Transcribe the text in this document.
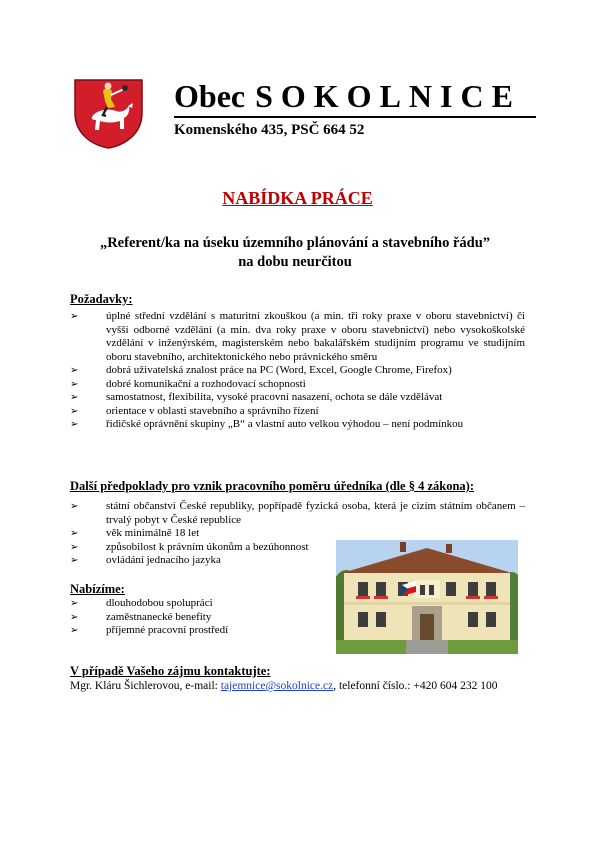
Obec SOKOLNICE
Komenského 435, PSČ 664 52
NABÍDKA PRÁCE
„Referent/ka na úseku územního plánování a stavebního řádu”
na dobu neurčitou
Požadavky:
➢	úplné střední vzdělání s maturitní zkouškou (a min. tři roky praxe v oboru stavebnictví) či vyšší odborné vzdělání (a min. dva roky praxe v oboru stavebnictví) nebo vysokoškolské vzdělání v inženýrském, magisterském nebo bakalářském studijním programu ve studijním oboru stavebního, architektonického nebo právnického směru
➢	dobrá uživatelská znalost práce na PC (Word, Excel, Google Chrome, Firefox)
➢	dobré komunikační a rozhodovací schopnosti
➢	samostatnost, flexibilita, vysoké pracovní nasazení, ochota se dále vzdělávat
➢	orientace v oblasti stavebního a správního řízení
➢	řidičské oprávnění skupiny „B“ a vlastní auto velkou výhodou – není podmínkou
Další předpoklady pro vznik pracovního poměru úředníka (dle § 4 zákona):
➢	státní občanství České republiky, popřípadě fyzická osoba, která je cizím státním občanem – trvalý pobyt v České republice
➢	věk minimálně 18 let
➢	způsobilost k právním úkonům a bezúhonnost
➢	ovládání jednacího jazyka
Nabízíme:
➢	dlouhodobou spolupráci
➢	zaměstnanecké benefity
➢	příjemné pracovní prostředí
V případě Vašeho zájmu kontaktujte:
Mgr. Kláru Šichlerovou, e-mail: tajemnice@sokolnice.cz, telefonní číslo.: +420 604 232 100
